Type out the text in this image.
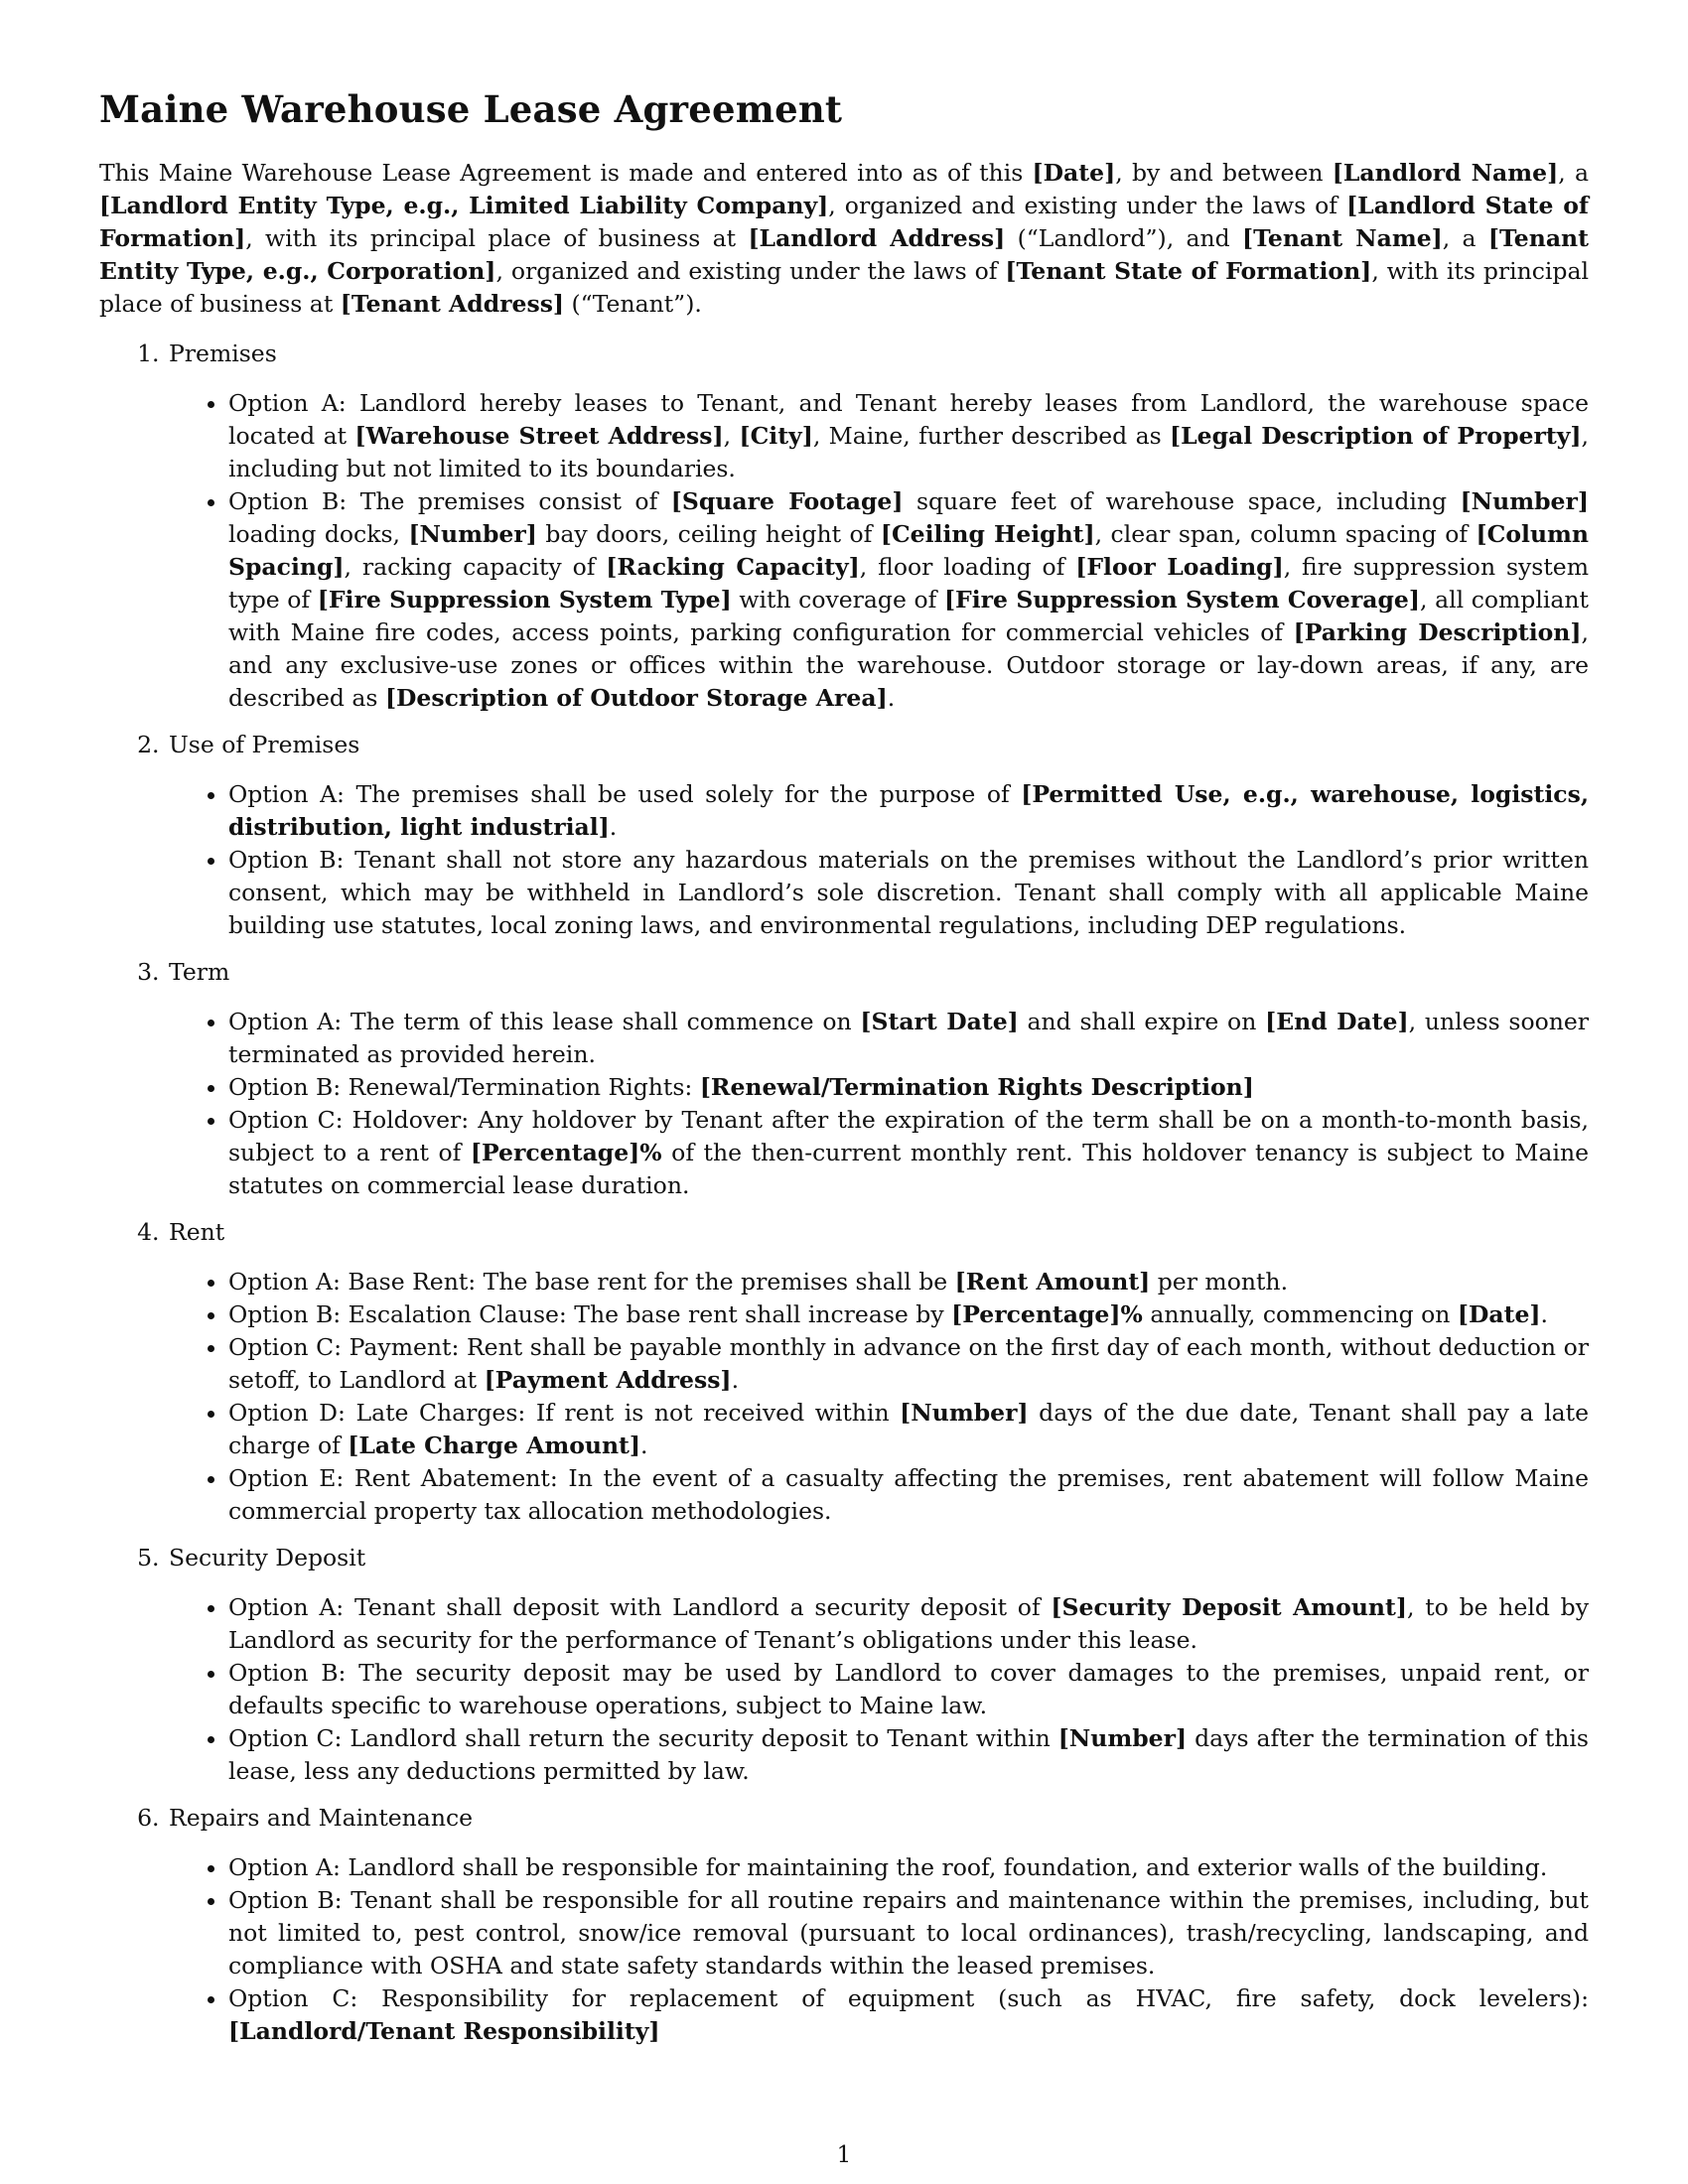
Maine Warehouse Lease Agreement

This Maine Warehouse Lease Agreement is made and entered into as of this [Date], by and between [Landlord Name], a [Landlord Entity Type, e.g., Limited Liability Company], organized and existing under the laws of [Landlord State of Formation], with its principal place of business at [Landlord Address] (“Landlord”), and [Tenant Name], a [Tenant Entity Type, e.g., Corporation], organized and existing under the laws of [Tenant State of Formation], with its principal place of business at [Tenant Address] (“Tenant”).

1. Premises
• Option A: Landlord hereby leases to Tenant, and Tenant hereby leases from Landlord, the warehouse space located at [Warehouse Street Address], [City], Maine, further described as [Legal Description of Property], including but not limited to its boundaries.
• Option B: The premises consist of [Square Footage] square feet of warehouse space, including [Number] loading docks, [Number] bay doors, ceiling height of [Ceiling Height], clear span, column spacing of [Column Spacing], racking capacity of [Racking Capacity], floor loading of [Floor Loading], fire suppression system type of [Fire Suppression System Type] with coverage of [Fire Suppression System Coverage], all compliant with Maine fire codes, access points, parking configuration for commercial vehicles of [Parking Description], and any exclusive-use zones or offices within the warehouse. Outdoor storage or lay-down areas, if any, are described as [Description of Outdoor Storage Area].
2. Use of Premises
• Option A: The premises shall be used solely for the purpose of [Permitted Use, e.g., warehouse, logistics, distribution, light industrial].
• Option B: Tenant shall not store any hazardous materials on the premises without the Landlord’s prior written consent, which may be withheld in Landlord’s sole discretion. Tenant shall comply with all applicable Maine building use statutes, local zoning laws, and environmental regulations, including DEP regulations.
3. Term
• Option A: The term of this lease shall commence on [Start Date] and shall expire on [End Date], unless sooner terminated as provided herein.
• Option B: Renewal/Termination Rights: [Renewal/Termination Rights Description]
• Option C: Holdover: Any holdover by Tenant after the expiration of the term shall be on a month-to-month basis, subject to a rent of [Percentage]% of the then-current monthly rent. This holdover tenancy is subject to Maine statutes on commercial lease duration.
4. Rent
• Option A: Base Rent: The base rent for the premises shall be [Rent Amount] per month.
• Option B: Escalation Clause: The base rent shall increase by [Percentage]% annually, commencing on [Date].
• Option C: Payment: Rent shall be payable monthly in advance on the first day of each month, without deduction or setoff, to Landlord at [Payment Address].
• Option D: Late Charges: If rent is not received within [Number] days of the due date, Tenant shall pay a late charge of [Late Charge Amount].
• Option E: Rent Abatement: In the event of a casualty affecting the premises, rent abatement will follow Maine commercial property tax allocation methodologies.
5. Security Deposit
• Option A: Tenant shall deposit with Landlord a security deposit of [Security Deposit Amount], to be held by Landlord as security for the performance of Tenant’s obligations under this lease.
• Option B: The security deposit may be used by Landlord to cover damages to the premises, unpaid rent, or defaults specific to warehouse operations, subject to Maine law.
• Option C: Landlord shall return the security deposit to Tenant within [Number] days after the termination of this lease, less any deductions permitted by law.
6. Repairs and Maintenance
• Option A: Landlord shall be responsible for maintaining the roof, foundation, and exterior walls of the building.
• Option B: Tenant shall be responsible for all routine repairs and maintenance within the premises, including, but not limited to, pest control, snow/ice removal (pursuant to local ordinances), trash/recycling, landscaping, and compliance with OSHA and state safety standards within the leased premises.
• Option C: Responsibility for replacement of equipment (such as HVAC, fire safety, dock levelers): [Landlord/Tenant Responsibility]
1
